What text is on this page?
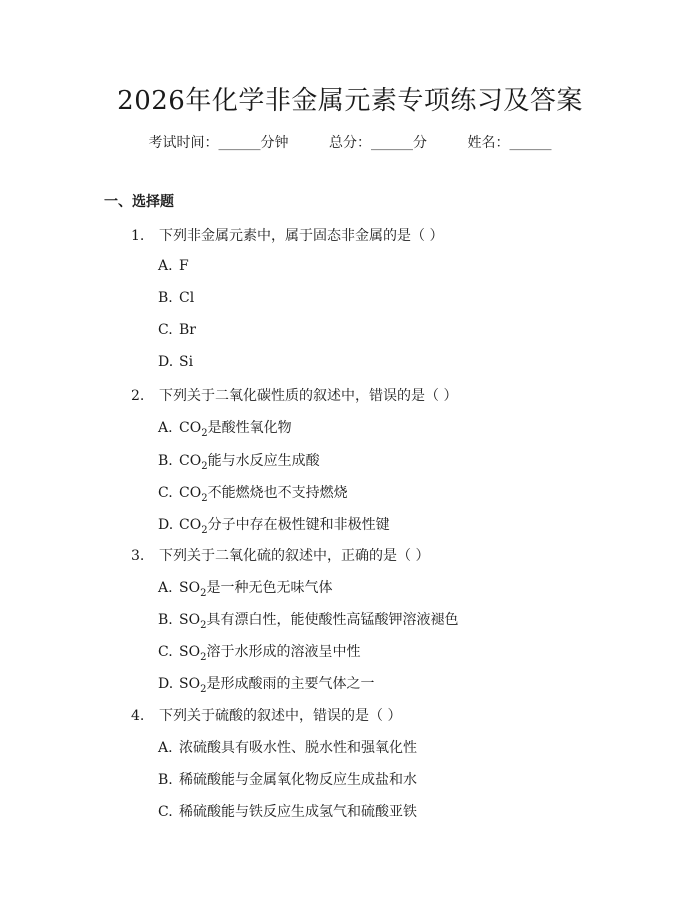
2026年化学非金属元素专项练习及答案
考试时间：______分钟	总分：______分	姓名：______
一、选择题
1. 下列非金属元素中，属于固态非金属的是（ ）
A. F
B. Cl
C. Br
D. Si
2. 下列关于二氧化碳性质的叙述中，错误的是（ ）
A. $CO_2$是酸性氧化物
B. $CO_2$能与水反应生成酸
C. $CO_2$不能燃烧也不支持燃烧
D. $CO_2$分子中存在极性键和非极性键
3. 下列关于二氧化硫的叙述中，正确的是（ ）
A. $SO_2$是一种无色无味气体
B. $SO_2$具有漂白性，能使酸性高锰酸钾溶液褪色
C. $SO_2$溶于水形成的溶液呈中性
D. $SO_2$是形成酸雨的主要气体之一
4. 下列关于硫酸的叙述中，错误的是（ ）
A. 浓硫酸具有吸水性、脱水性和强氧化性
B. 稀硫酸能与金属氧化物反应生成盐和水
C. 稀硫酸能与铁反应生成氢气和硫酸亚铁
